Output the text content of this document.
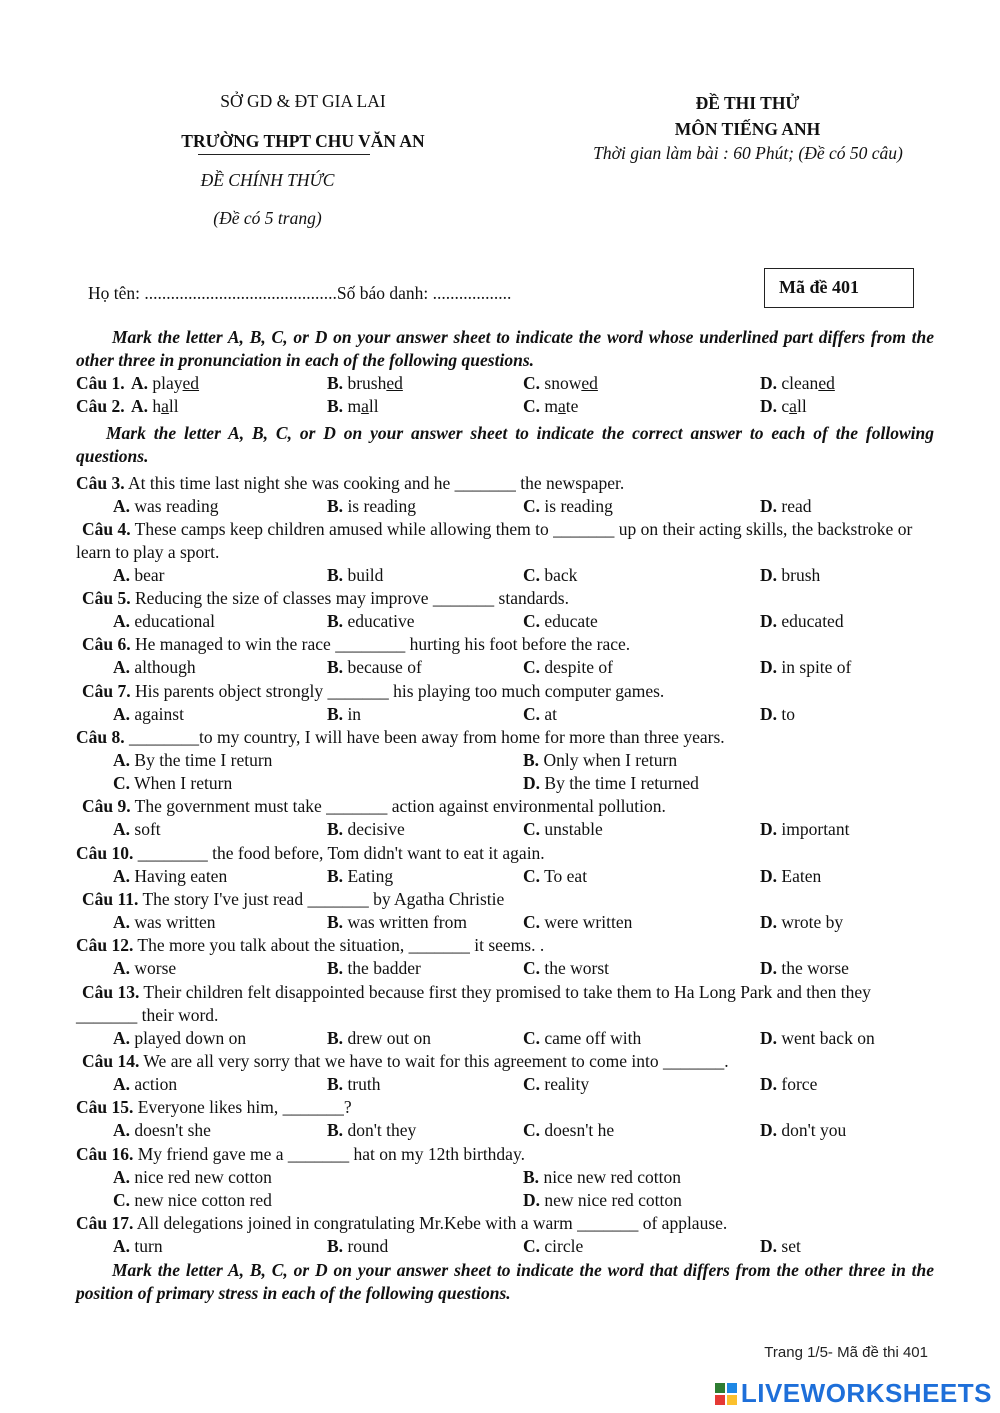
SỞ GD & ĐT GIA LAI
TRƯỜNG THPT CHU VĂN AN
ĐỀ CHÍNH THỨC
(Đề có 5 trang)
ĐỀ THI THỬ
MÔN TIẾNG ANH
Thời gian làm bài : 60 Phút; (Đề có 50 câu)
Họ tên: ............................................Số báo danh: ..................	Mã đề 401
Mark the letter A, B, C, or D on your answer sheet to indicate the word whose underlined part differs from the other three in pronunciation in each of the following questions.
Câu 1. A. played	B. brushed	C. snowed	D. cleaned
Câu 2. A. hall	B. mall	C. mate	D. call
Mark the letter A, B, C, or D on your answer sheet to indicate the correct answer to each of the following questions.
Câu 3. At this time last night she was cooking and he _______ the newspaper.
A. was reading	B. is reading	C. is reading	D. read
Câu 4. These camps keep children amused while allowing them to _______ up on their acting skills, the backstroke or learn to play a sport.
A. bear	B. build	C. back	D. brush
Câu 5. Reducing the size of classes may improve _______ standards.
A. educational	B. educative	C. educate	D. educated
Câu 6. He managed to win the race ________ hurting his foot before the race.
A. although	B. because of	C. despite of	D. in spite of
Câu 7. His parents object strongly _______ his playing too much computer games.
A. against	B. in	C. at	D. to
Câu 8. ________to my country, I will have been away from home for more than three years.
A. By the time I return	B. Only when I return
C. When I return	D. By the time I returned
Câu 9. The government must take _______ action against environmental pollution.
A. soft	B. decisive	C. unstable	D. important
Câu 10. ________ the food before, Tom didn't want to eat it again.
A. Having eaten	B. Eating	C. To eat	D. Eaten
Câu 11. The story I've just read _______ by Agatha Christie
A. was written	B. was written from	C. were written	D. wrote by
Câu 12. The more you talk about the situation, _______ it seems. .
A. worse	B. the badder	C. the worst	D. the worse
Câu 13. Their children felt disappointed because first they promised to take them to Ha Long Park and then they _______ their word.
A. played down on	B. drew out on	C. came off with	D. went back on
Câu 14. We are all very sorry that we have to wait for this agreement to come into _______.
A. action	B. truth	C. reality	D. force
Câu 15. Everyone likes him, _______?
A. doesn't she	B. don't they	C. doesn't he	D. don't you
Câu 16. My friend gave me a _______ hat on my 12th birthday.
A. nice red new cotton	B. nice new red cotton
C. new nice cotton red	D. new nice red cotton
Câu 17. All delegations joined in congratulating Mr.Kebe with a warm _______ of applause.
A. turn	B. round	C. circle	D. set
Mark the letter A, B, C, or D on your answer sheet to indicate the word that differs from the other three in the position of primary stress in each of the following questions.
Trang 1/5- Mã đề thi 401
LIVEWORKSHEETS
